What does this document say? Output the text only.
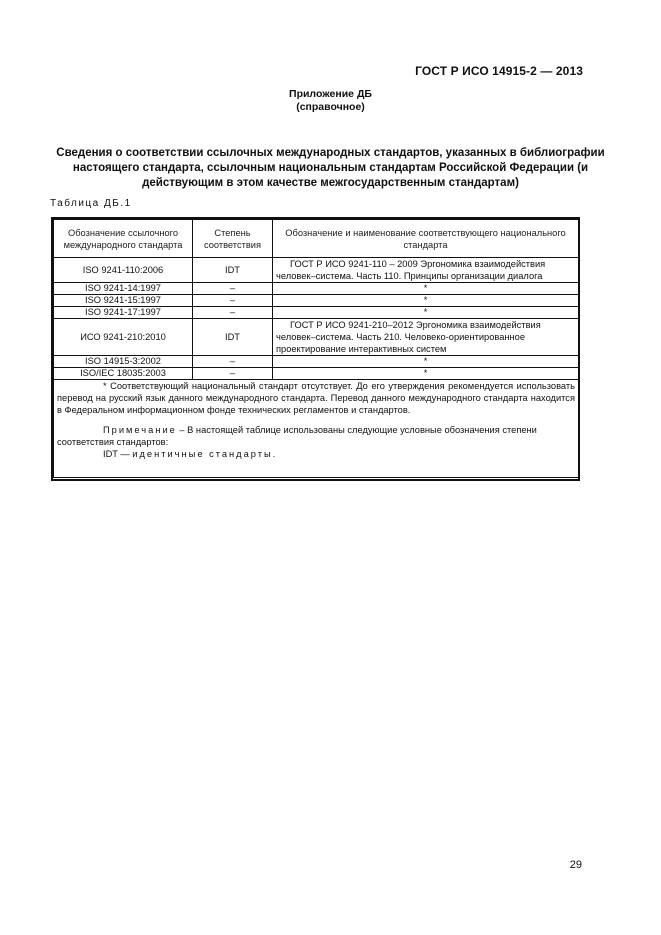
ГОСТ Р ИСО 14915-2 — 2013
Приложение ДБ
(справочное)
Сведения о соответствии ссылочных международных стандартов, указанных в библиографии настоящего стандарта, ссылочным национальным стандартам Российской Федерации (и действующим в этом качестве межгосударственным стандартам)
Таблица ДБ.1
Обозначение ссылочного международного стандарта	Степень соответствия	Обозначение и наименование соответствующего национального стандарта
ISO 9241-110:2006	IDT	ГОСТ Р ИСО 9241-110 – 2009 Эргономика взаимодействия человек–система. Часть 110. Принципы организации диалога
ISO 9241-14:1997	–	*
ISO 9241-15:1997	–	*
ISO 9241-17:1997	–	*
ИСО 9241-210:2010	IDT	ГОСТ Р ИСО 9241-210–2012 Эргономика взаимодействия человек–система. Часть 210. Человеко-ориентированное проектирование интерактивных систем
ISO 14915-3:2002	–	*
ISO/IEC 18035:2003	–	*

* Соответствующий национальный стандарт отсутствует. До его утверждения рекомендуется использовать перевод на русский язык данного международного стандарта. Перевод данного международного стандарта находится в Федеральном информационном фонде технических регламентов и стандартов.

Примечание – В настоящей таблице использованы следующие условные обозначения степени соответствия стандартов:

IDT — идентичные стандарты.		

29
